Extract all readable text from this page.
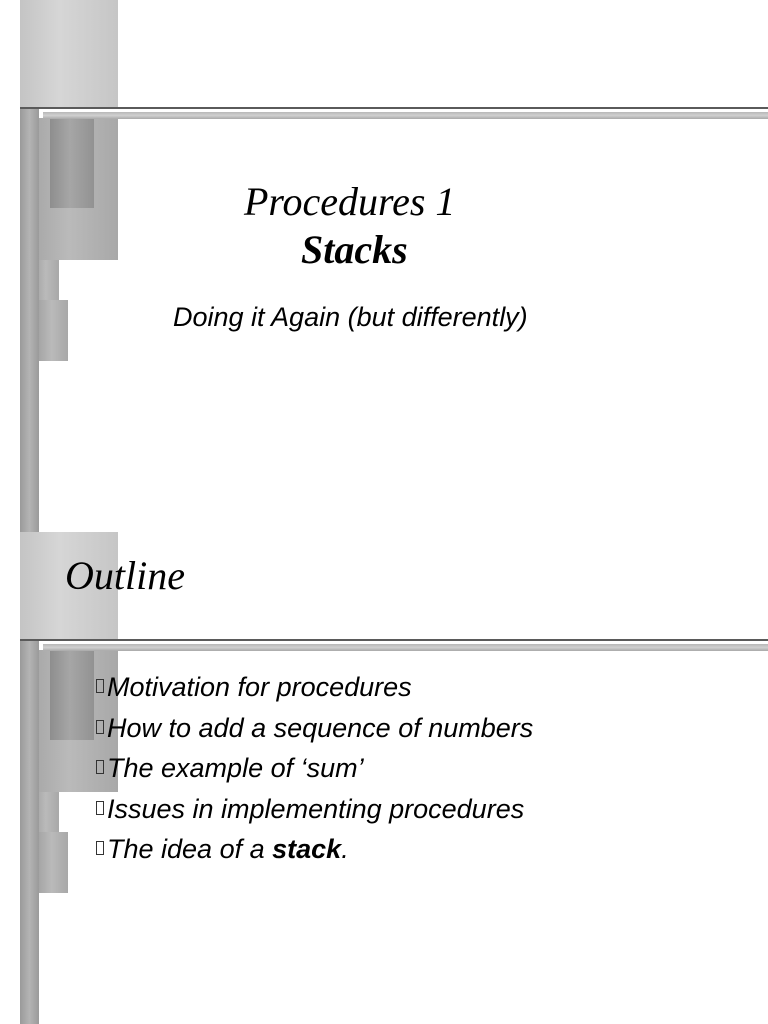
Procedures 1
Stacks
Doing it Again (but differently)
Outline
Motivation for procedures
How to add a sequence of numbers
The example of ‘sum’
Issues in implementing procedures
The idea of a stack .
